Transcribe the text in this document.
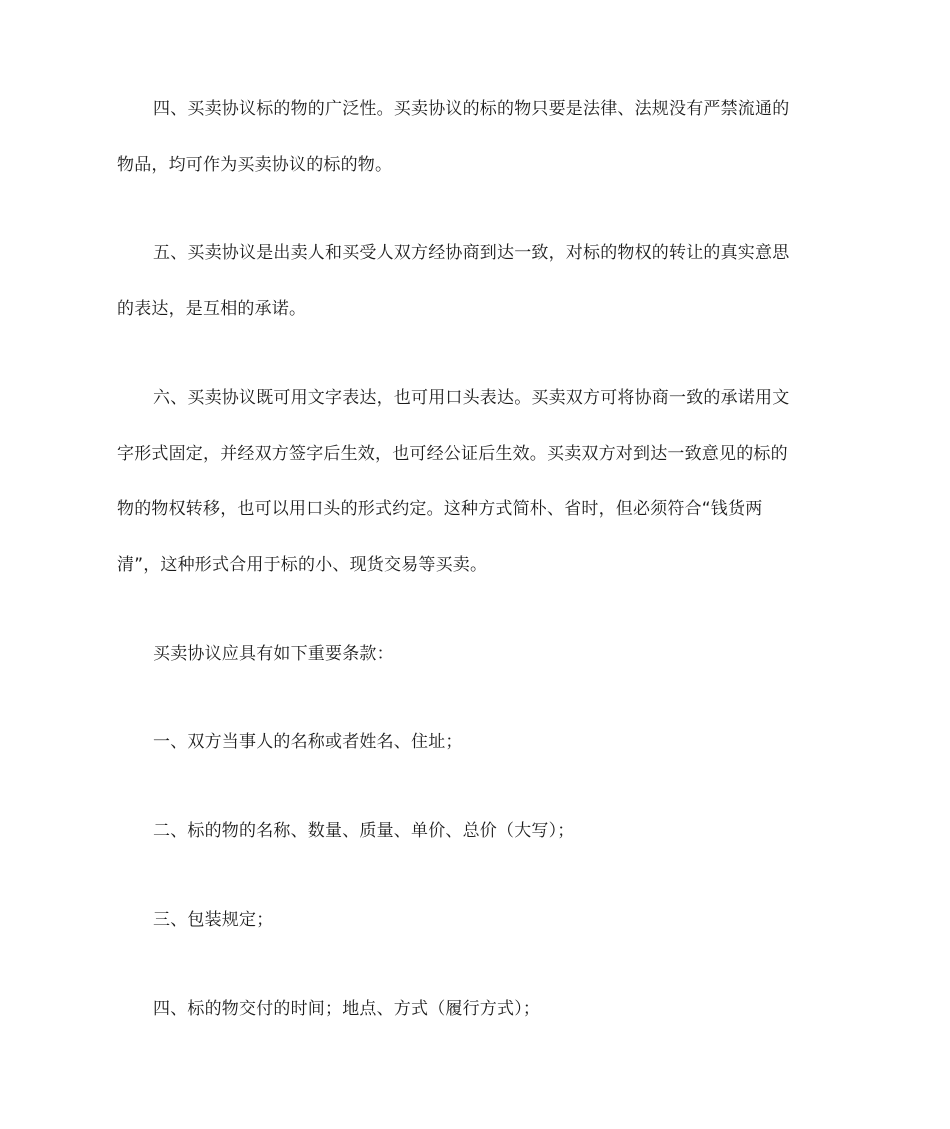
四、买卖协议标的物的广泛性。买卖协议的标的物只要是法律、法规没有严禁流通的
物品，均可作为买卖协议的标的物。
五、买卖协议是出卖人和买受人双方经协商到达一致，对标的物权的转让的真实意思
的表达，是互相的承诺。
六、买卖协议既可用文字表达，也可用口头表达。买卖双方可将协商一致的承诺用文
字形式固定，并经双方签字后生效，也可经公证后生效。买卖双方对到达一致意见的标的
物的物权转移，也可以用口头的形式约定。这种方式简朴、省时，但必须符合“钱货两
清”，这种形式合用于标的小、现货交易等买卖。
买卖协议应具有如下重要条款：
一、双方当事人的名称或者姓名、住址；
二、标的物的名称、数量、质量、单价、总价（大写）；
三、包装规定；
四、标的物交付的时间；地点、方式（履行方式）；
